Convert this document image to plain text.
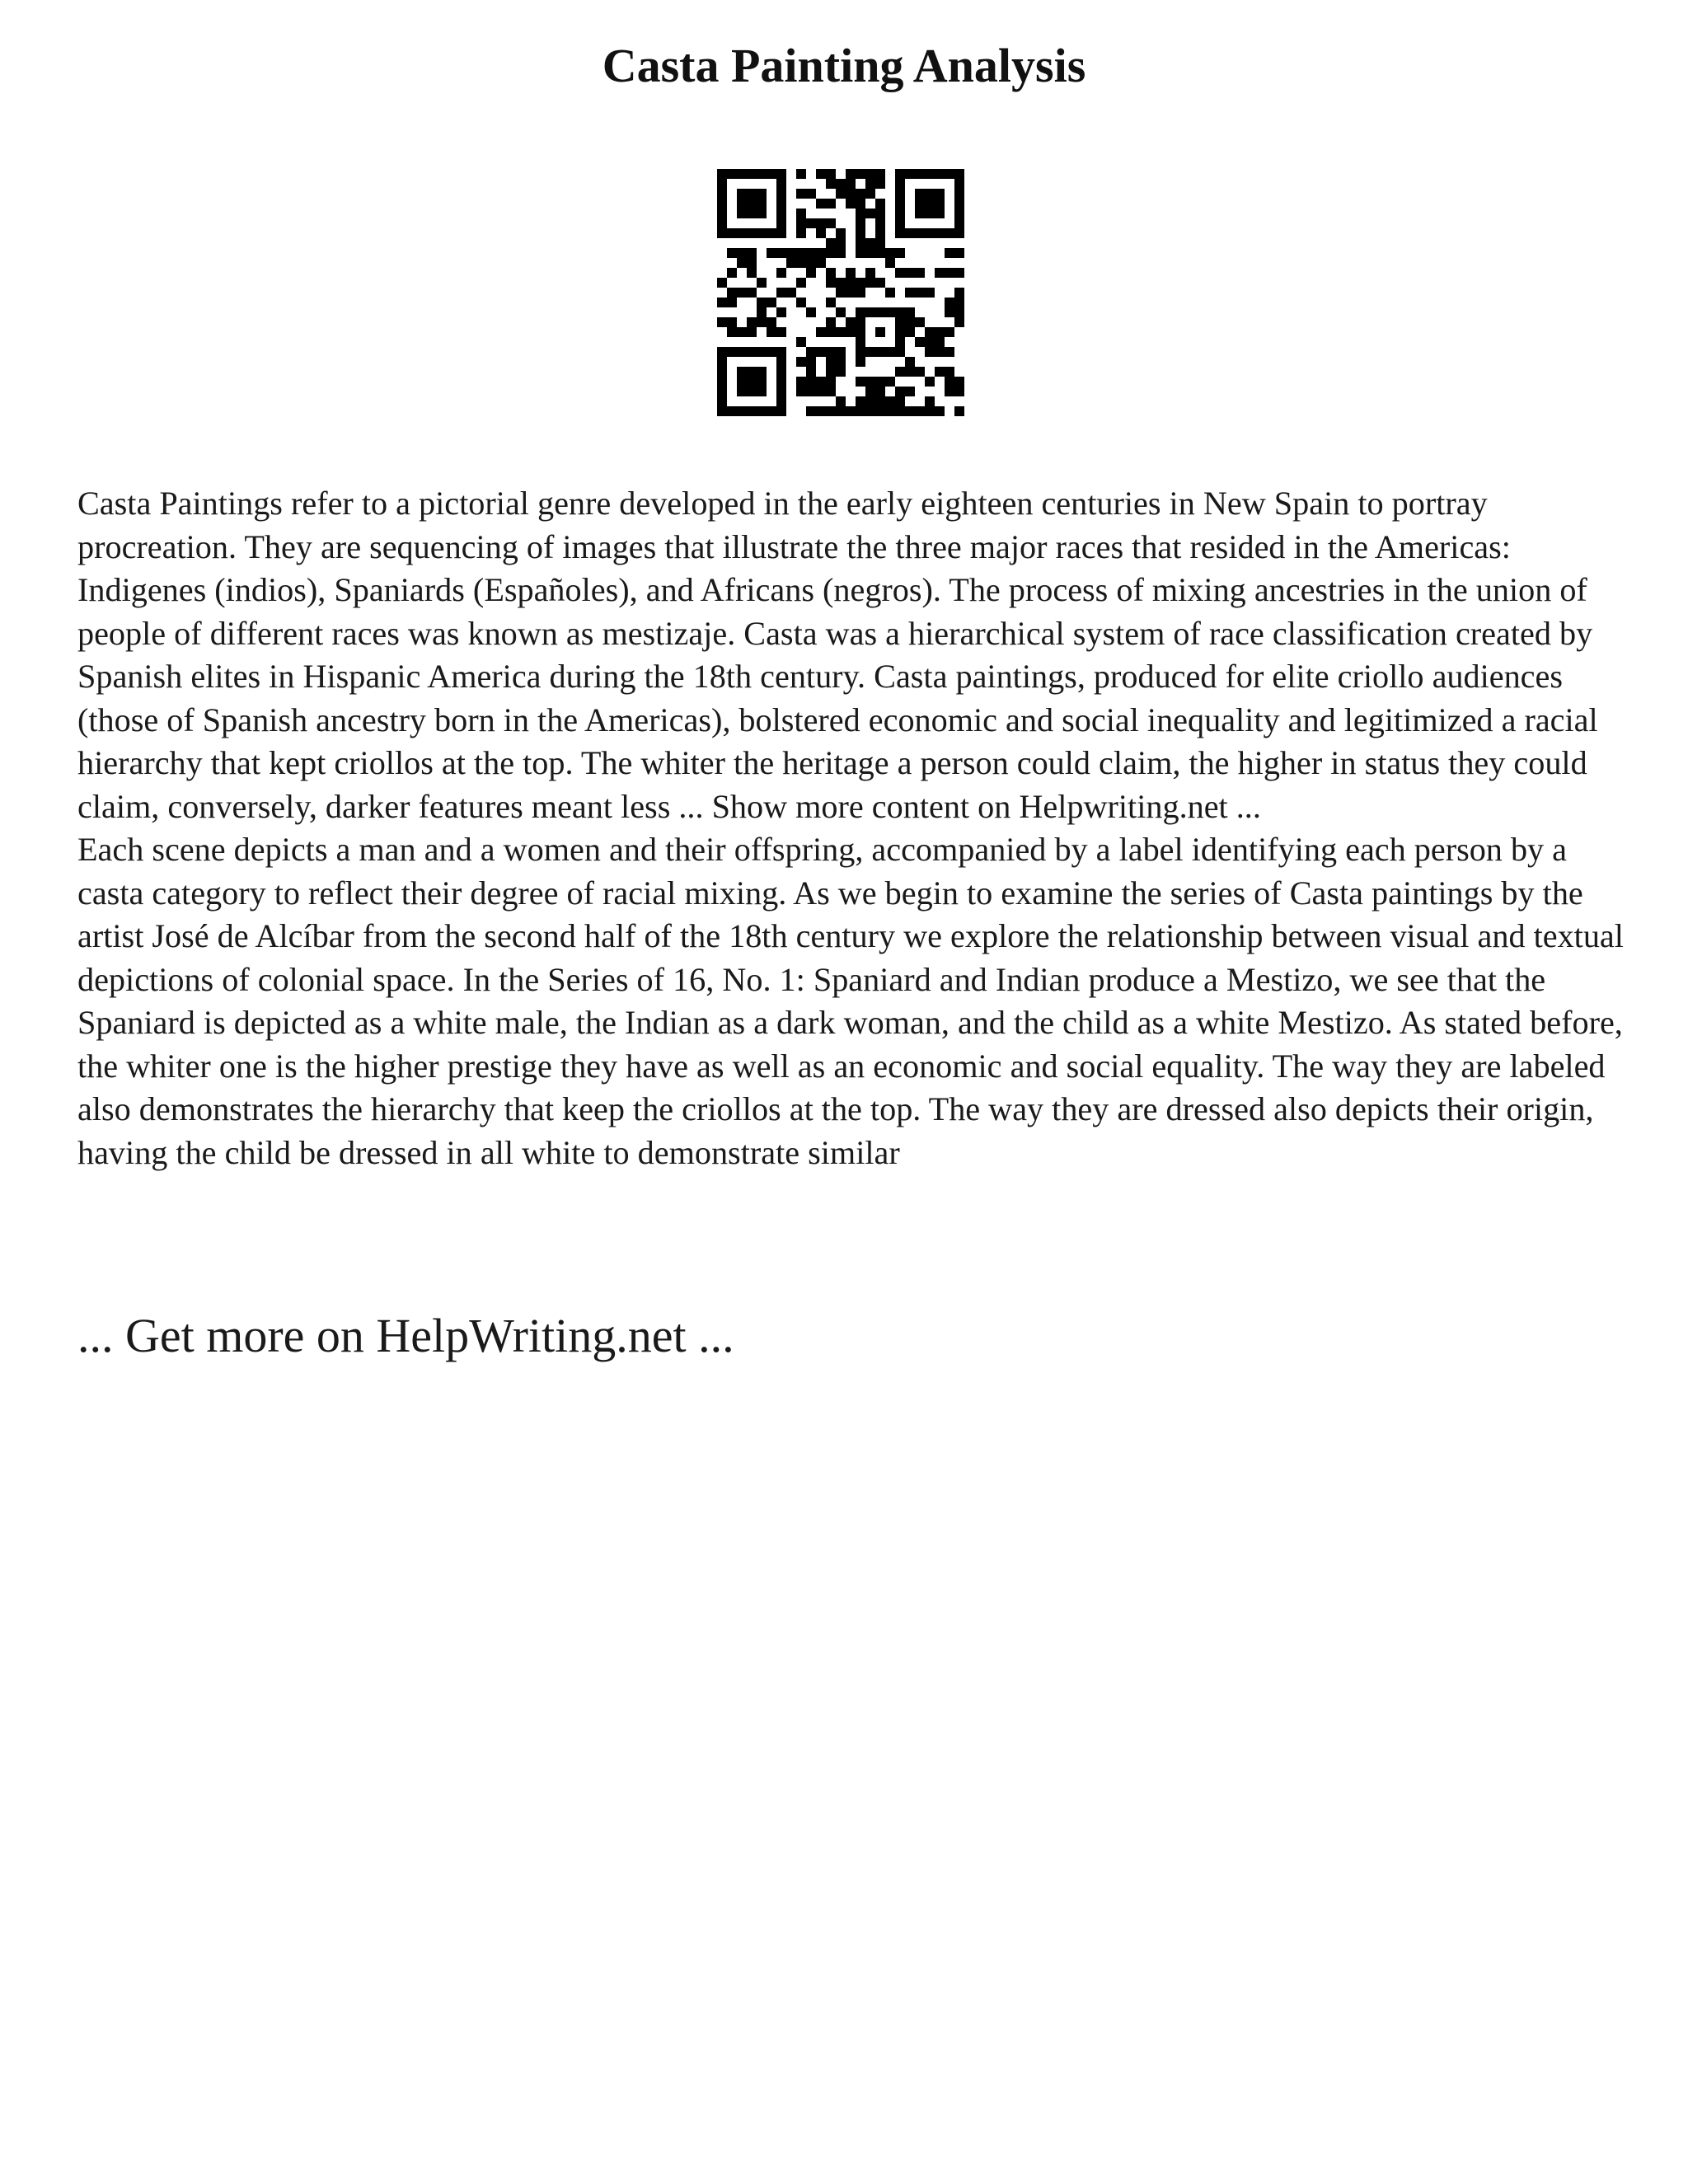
Casta Painting Analysis

Casta Paintings refer to a pictorial genre developed in the early eighteen centuries in New Spain to portray procreation. They are sequencing of images that illustrate the three major races that resided in the Americas: Indigenes (indios), Spaniards (Españoles), and Africans (negros). The process of mixing ancestries in the union of people of different races was known as mestizaje. Casta was a hierarchical system of race classification created by Spanish elites in Hispanic America during the 18th century. Casta paintings, produced for elite criollo audiences (those of Spanish ancestry born in the Americas), bolstered economic and social inequality and legitimized a racial hierarchy that kept criollos at the top. The whiter the heritage a person could claim, the higher in status they could claim, conversely, darker features meant less ... Show more content on Helpwriting.net ...

Each scene depicts a man and a women and their offspring, accompanied by a label identifying each person by a casta category to reflect their degree of racial mixing. As we begin to examine the series of Casta paintings by the artist José de Alcíbar from the second half of the 18th century we explore the relationship between visual and textual depictions of colonial space. In the Series of 16, No. 1: Spaniard and Indian produce a Mestizo, we see that the Spaniard is depicted as a white male, the Indian as a dark woman, and the child as a white Mestizo. As stated before, the whiter one is the higher prestige they have as well as an economic and social equality. The way they are labeled also demonstrates the hierarchy that keep the criollos at the top. The way they are dressed also depicts their origin, having the child be dressed in all white to demonstrate similar

... Get more on HelpWriting.net ...
